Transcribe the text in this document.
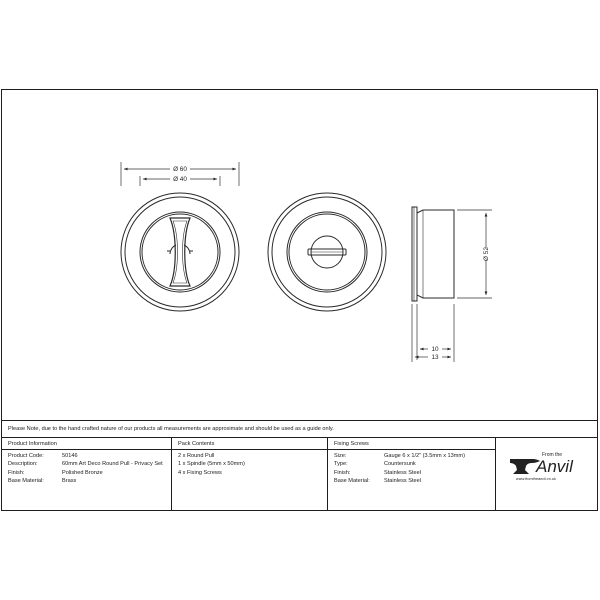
Ø 60
Ø 40
Ø 52
10
13
Please Note, due to the hand crafted nature of our products all measurements are approximate and should be used as a guide only.
Product Information
Product Code:	50146
Description:	60mm Art Deco Round Pull - Privacy Set
Finish:	Polished Bronze
Base Material:	Brass
Pack Contents
2 x Round Pull
1 x Spindle (5mm x 50mm)
4 x Fixing Screws
Fixing Screws
Size:	Gauge 6 x 1/2" (3.5mm x 13mm)
Type:	Countersunk
Finish:	Stainless Steel
Base Material:	Stainless Steel
From the
Anvil
www.fromtheanvil.co.uk
